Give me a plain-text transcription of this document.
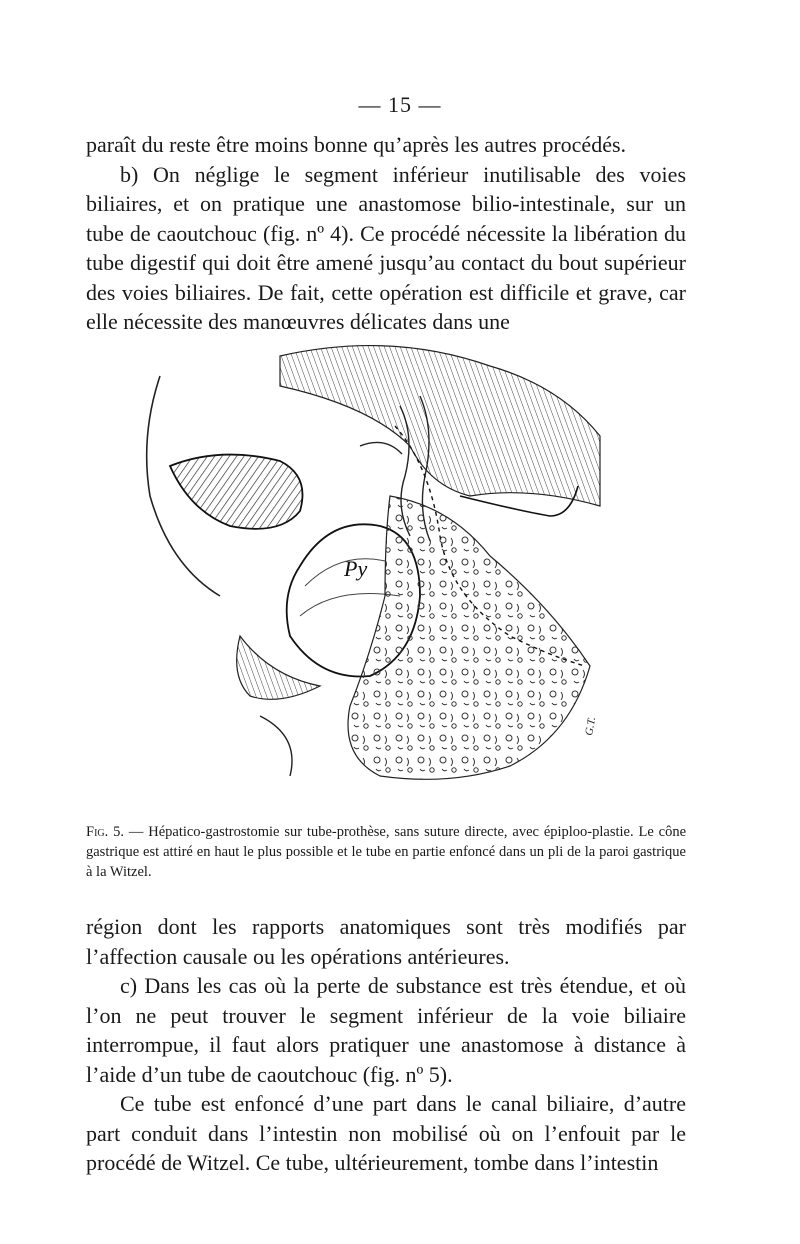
— 15 —

paraît du reste être moins bonne qu’après les autres procédés.

b) On néglige le segment inférieur inutilisable des voies biliaires, et on pratique une anastomose bilio-intestinale, sur un tube de caoutchouc (fig. nº 4). Ce procédé nécessite la libération du tube digestif qui doit être amené jusqu’au contact du bout supérieur des voies biliaires. De fait, cette opération est difficile et grave, car elle nécessite des manœuvres délicates dans une

Py
G.T.
Fig. 5. — Hépatico-gastrostomie sur tube-prothèse, sans suture directe, avec épiploo-plastie. Le cône gastrique est attiré en haut le plus possible et le tube en partie enfoncé dans un pli de la paroi gastrique à la Witzel.

région dont les rapports anatomiques sont très modifiés par l’affection causale ou les opérations antérieures.

c) Dans les cas où la perte de substance est très étendue, et où l’on ne peut trouver le segment inférieur de la voie biliaire interrompue, il faut alors pratiquer une anastomose à distance à l’aide d’un tube de caoutchouc (fig. nº 5).

Ce tube est enfoncé d’une part dans le canal biliaire, d’autre part conduit dans l’intestin non mobilisé où on l’enfouit par le procédé de Witzel. Ce tube, ultérieurement, tombe dans l’intestin
